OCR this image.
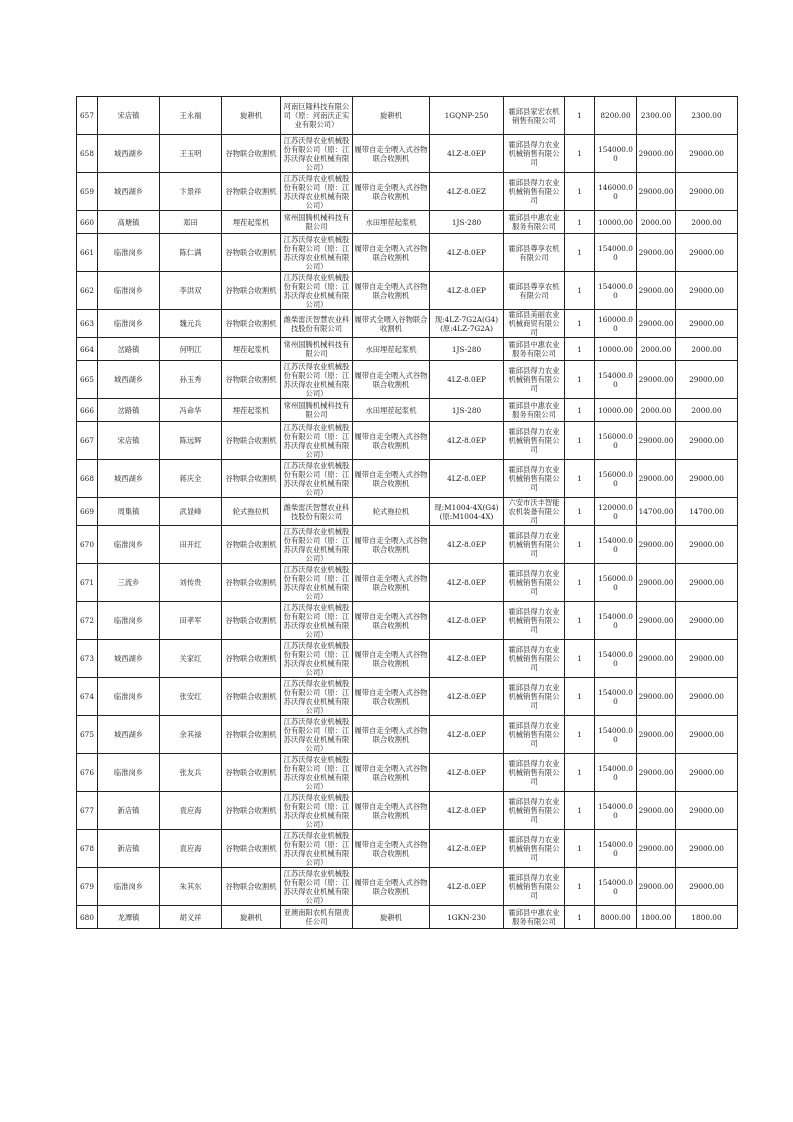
657	宋店镇	王永福	旋耕机	河南巨隆科技有限公司（原：河南沃正实业有限公司）	旋耕机	1GQNP-250	霍邱县家宏农机销售有限公司	1	8200.00	2300.00	2300.00
658	城西湖乡	王玉明	谷物联合收割机	江苏沃得农业机械股份有限公司（原：江苏沃得农业机械有限公司）	履带自走全喂入式谷物联合收割机	4LZ-8.0EP	霍邱县得力农业机械销售有限公司	1	154000.00	29000.00	29000.00
659	城西湖乡	卞景祥	谷物联合收割机	江苏沃得农业机械股份有限公司（原：江苏沃得农业机械有限公司）	履带自走全喂入式谷物联合收割机	4LZ-8.0EZ	霍邱县得力农业机械销售有限公司	1	146000.00	29000.00	29000.00
660	高塘镇	郑田	埋茬起浆机	常州国腾机械科技有限公司	水田埋茬起浆机	1JS-280	霍邱县中惠农业服务有限公司	1	10000.00	2000.00	2000.00
661	临淮岗乡	陈仁满	谷物联合收割机	江苏沃得农业机械股份有限公司（原：江苏沃得农业机械有限公司）	履带自走全喂入式谷物联合收割机	4LZ-8.0EP	霍邱县尊享农机有限公司	1	154000.00	29000.00	29000.00
662	临淮岗乡	李洪双	谷物联合收割机	江苏沃得农业机械股份有限公司（原：江苏沃得农业机械有限公司）	履带自走全喂入式谷物联合收割机	4LZ-8.0EP	霍邱县尊享农机有限公司	1	154000.00	29000.00	29000.00
663	临淮岗乡	魏元兵	谷物联合收割机	潍柴雷沃智慧农业科技股份有限公司	履带式全喂入谷物联合收割机	现:4LZ-7G2A(G4)(原:4LZ-7G2A)	霍邱县美丽农业机械商贸有限公司	1	160000.00	29000.00	29000.00
664	岔路镇	何明江	埋茬起浆机	常州国腾机械科技有限公司	水田埋茬起浆机	1JS-280	霍邱县中惠农业服务有限公司	1	10000.00	2000.00	2000.00
665	城西湖乡	孙玉秀	谷物联合收割机	江苏沃得农业机械股份有限公司（原：江苏沃得农业机械有限公司）	履带自走全喂入式谷物联合收割机	4LZ-8.0EP	霍邱县得力农业机械销售有限公司	1	154000.00	29000.00	29000.00
666	岔路镇	冯命华	埋茬起浆机	常州国腾机械科技有限公司	水田埋茬起浆机	1JS-280	霍邱县中惠农业服务有限公司	1	10000.00	2000.00	2000.00
667	宋店镇	陈远辉	谷物联合收割机	江苏沃得农业机械股份有限公司（原：江苏沃得农业机械有限公司）	履带自走全喂入式谷物联合收割机	4LZ-8.0EP	霍邱县得力农业机械销售有限公司	1	156000.00	29000.00	29000.00
668	城西湖乡	蒋庆全	谷物联合收割机	江苏沃得农业机械股份有限公司（原：江苏沃得农业机械有限公司）	履带自走全喂入式谷物联合收割机	4LZ-8.0EP	霍邱县得力农业机械销售有限公司	1	156000.00	29000.00	29000.00
669	周集镇	武显峰	轮式拖拉机	潍柴雷沃智慧农业科技股份有限公司	轮式拖拉机	现:M1004-4X(G4)(原:M1004-4X)	六安市沃丰智能农机装备有限公司	1	120000.00	14700.00	14700.00
670	临淮岗乡	田开红	谷物联合收割机	江苏沃得农业机械股份有限公司（原：江苏沃得农业机械有限公司）	履带自走全喂入式谷物联合收割机	4LZ-8.0EP	霍邱县得力农业机械销售有限公司	1	154000.00	29000.00	29000.00
671	三流乡	刘传贵	谷物联合收割机	江苏沃得农业机械股份有限公司（原：江苏沃得农业机械有限公司）	履带自走全喂入式谷物联合收割机	4LZ-8.0EP	霍邱县得力农业机械销售有限公司	1	156000.00	29000.00	29000.00
672	临淮岗乡	田孝军	谷物联合收割机	江苏沃得农业机械股份有限公司（原：江苏沃得农业机械有限公司）	履带自走全喂入式谷物联合收割机	4LZ-8.0EP	霍邱县得力农业机械销售有限公司	1	154000.00	29000.00	29000.00
673	城西湖乡	关家红	谷物联合收割机	江苏沃得农业机械股份有限公司（原：江苏沃得农业机械有限公司）	履带自走全喂入式谷物联合收割机	4LZ-8.0EP	霍邱县得力农业机械销售有限公司	1	154000.00	29000.00	29000.00
674	临淮岗乡	张安红	谷物联合收割机	江苏沃得农业机械股份有限公司（原：江苏沃得农业机械有限公司）	履带自走全喂入式谷物联合收割机	4LZ-8.0EP	霍邱县得力农业机械销售有限公司	1	154000.00	29000.00	29000.00
675	城西湖乡	余其禄	谷物联合收割机	江苏沃得农业机械股份有限公司（原：江苏沃得农业机械有限公司）	履带自走全喂入式谷物联合收割机	4LZ-8.0EP	霍邱县得力农业机械销售有限公司	1	154000.00	29000.00	29000.00
676	临淮岗乡	张友兵	谷物联合收割机	江苏沃得农业机械股份有限公司（原：江苏沃得农业机械有限公司）	履带自走全喂入式谷物联合收割机	4LZ-8.0EP	霍邱县得力农业机械销售有限公司	1	154000.00	29000.00	29000.00
677	新店镇	袁应海	谷物联合收割机	江苏沃得农业机械股份有限公司（原：江苏沃得农业机械有限公司）	履带自走全喂入式谷物联合收割机	4LZ-8.0EP	霍邱县得力农业机械销售有限公司	1	154000.00	29000.00	29000.00
678	新店镇	袁应海	谷物联合收割机	江苏沃得农业机械股份有限公司（原：江苏沃得农业机械有限公司）	履带自走全喂入式谷物联合收割机	4LZ-8.0EP	霍邱县得力农业机械销售有限公司	1	154000.00	29000.00	29000.00
679	临淮岗乡	朱其东	谷物联合收割机	江苏沃得农业机械股份有限公司（原：江苏沃得农业机械有限公司）	履带自走全喂入式谷物联合收割机	4LZ-8.0EP	霍邱县得力农业机械销售有限公司	1	154000.00	29000.00	29000.00
680	龙潭镇	胡义祥	旋耕机	亚澳南阳农机有限责任公司	旋耕机	1GKN-230	霍邱县中惠农业服务有限公司	1	8000.00	1800.00	1800.00
